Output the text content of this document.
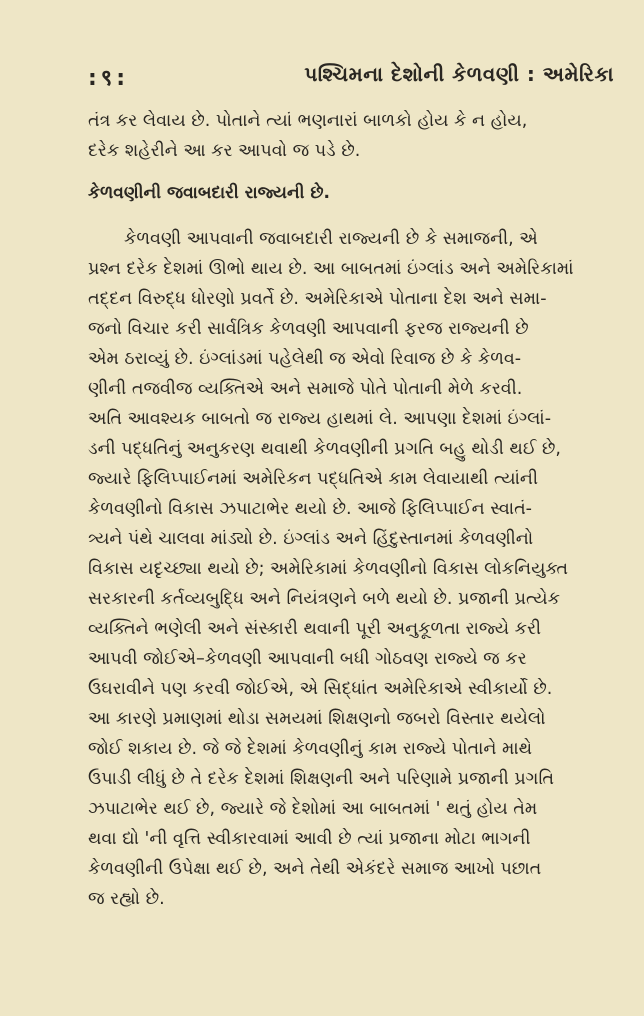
:९:	પશ્ચિમના દેશોની કેળવણી : અમેરિકા

તંત્ર કર લેવાય છે. પોતાને ત્યાં ભણનારાં બાળકો હોય કે ન હોય,
દરેક શહેરીને આ કર આપવો જ પડે છે.

કેળવણીની જવાબદારી રાજ્યની છે.

કેળવણી આપવાની જવાબદારી રાજ્યની છે કે સમાજની, એ
પ્રશ્ન દરેક દેશમાં ઊભો થાય છે. આ બાબતમાં ઇંગ્લાંડ અને અમેરિકામાં
તદ્દન વિરુદ્ધ ધોરણો પ્રવર્તે છે. અમેરિકાએ પોતાના દેશ અને સમા-
જનો વિચાર કરી સાર્વત્રિક કેળવણી આપવાની ફરજ રાજ્યની છે
એમ ઠરાવ્યું છે. ઇંગ્લાંડમાં પહેલેથી જ એવો રિવાજ છે કે કેળવ-
ણીની તજવીજ વ્યક્તિએ અને સમાજે પોતે પોતાની મેળે કરવી.
અતિ આવશ્યક બાબતો જ રાજ્ય હાથમાં લે. આપણા દેશમાં ઇંગ્લાં-
ડની પદ્ધતિનું અનુકરણ થવાથી કેળવણીની પ્રગતિ બહુ થોડી થઈ છે,
જ્યારે ફિલિપ્પાઈનમાં અમેરિકન પદ્ધતિએ કામ લેવાયાથી ત્યાંની
કેળવણીનો વિકાસ ઝપાટાભેર થયો છે. આજે ફિલિપ્પાઈન સ્વાતં-
ત્ર્યને પંથે ચાલવા માંડ્યો છે. ઇંગ્લાંડ અને હિંદુસ્તાનમાં કેળવણીનો
વિકાસ યદૃચ્છ્યા થયો છે; અમેરિકામાં કેળવણીનો વિકાસ લોકનિયુક્ત
સરકારની કર્તવ્યબુદ્ધિ અને નિયંત્રણને બળે થયો છે. પ્રજાની પ્રત્યેક
વ્યક્તિને ભણેલી અને સંસ્કારી થવાની પૂરી અનુકૂળતા રાજ્યે કરી
આપવી જોઈએ–કેળવણી આપવાની બધી ગોઠવણ રાજ્યે જ કર
ઉઘરાવીને પણ કરવી જોઈએ, એ સિદ્ધાંત અમેરિકાએ સ્વીકાર્યો છે.
આ કારણે પ્રમાણમાં થોડા સમયમાં શિક્ષણનો જબરો વિસ્તાર થયેલો
જોઈ શકાય છે. જે જે દેશમાં કેળવણીનું કામ રાજ્યે પોતાને માથે
ઉપાડી લીધું છે તે દરેક દેશમાં શિક્ષણની અને પરિણામે પ્રજાની પ્રગતિ
ઝપાટાભેર થઈ છે, જ્યારે જે દેશોમાં આ બાબતમાં ' થતું હોય તેમ
થવા દ્યો 'ની વૃત્તિ સ્વીકારવામાં આવી છે ત્યાં પ્રજાના મોટા ભાગની
કેળવણીની ઉપેક્ષા થઈ છે, અને તેથી એકંદરે સમાજ આખો પછાત
જ રહ્યો છે.
